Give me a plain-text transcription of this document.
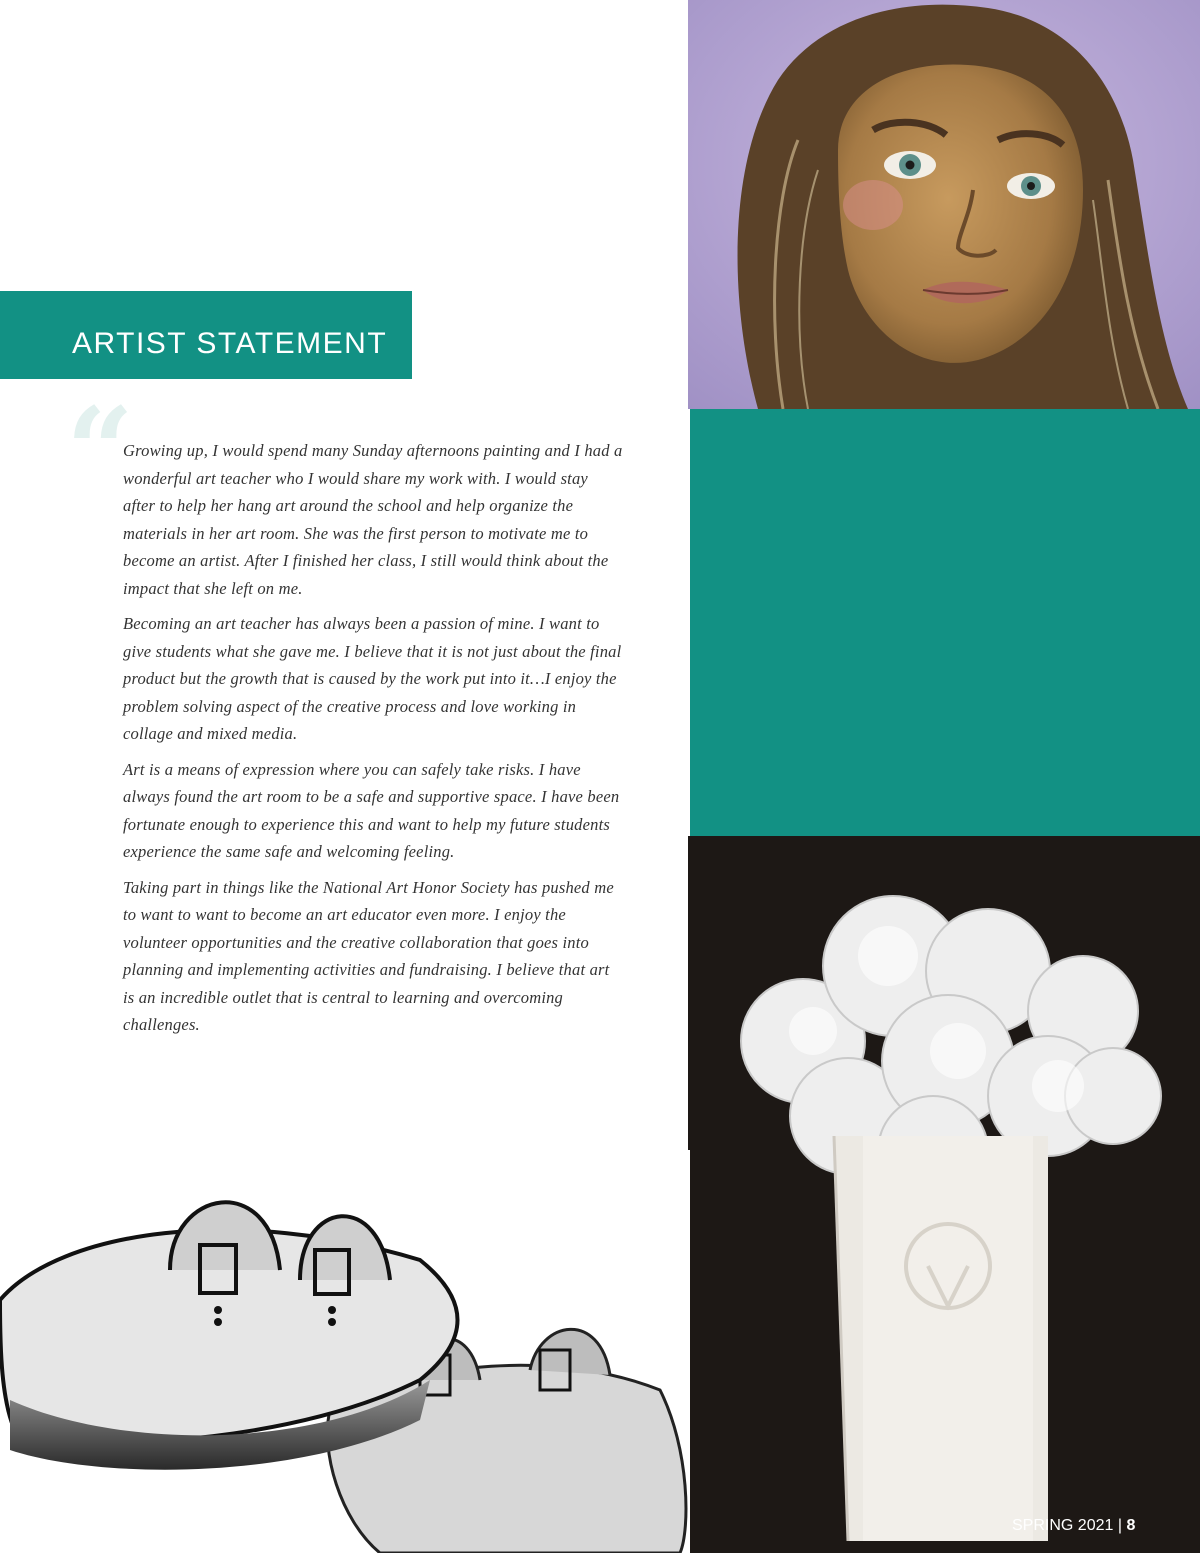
ARTIST STATEMENT
“

Growing up, I would spend many Sunday afternoons painting and I had a wonderful art teacher who I would share my work with. I would stay after to help her hang art around the school and help organize the materials in her art room. She was the first person to motivate me to become an artist. After I finished her class, I still would think about the impact that she left on me.

Becoming an art teacher has always been a passion of mine. I want to give students what she gave me. I believe that it is not just about the final product but the growth that is caused by the work put into it…I enjoy the problem solving aspect of the creative process and love working in collage and mixed media.

Art is a means of expression where you can safely take risks. I have always found the art room to be a safe and supportive space. I have been fortunate enough to experience this and want to help my future students experience the same safe and welcoming feeling.

Taking part in things like the National Art Honor Society has pushed me to want to want to become an art educator even more. I enjoy the volunteer opportunities and the creative collaboration that goes into planning and implementing activities and fundraising. I believe that art is an incredible outlet that is central to learning and overcoming challenges.

SPRING 2021 | 8
